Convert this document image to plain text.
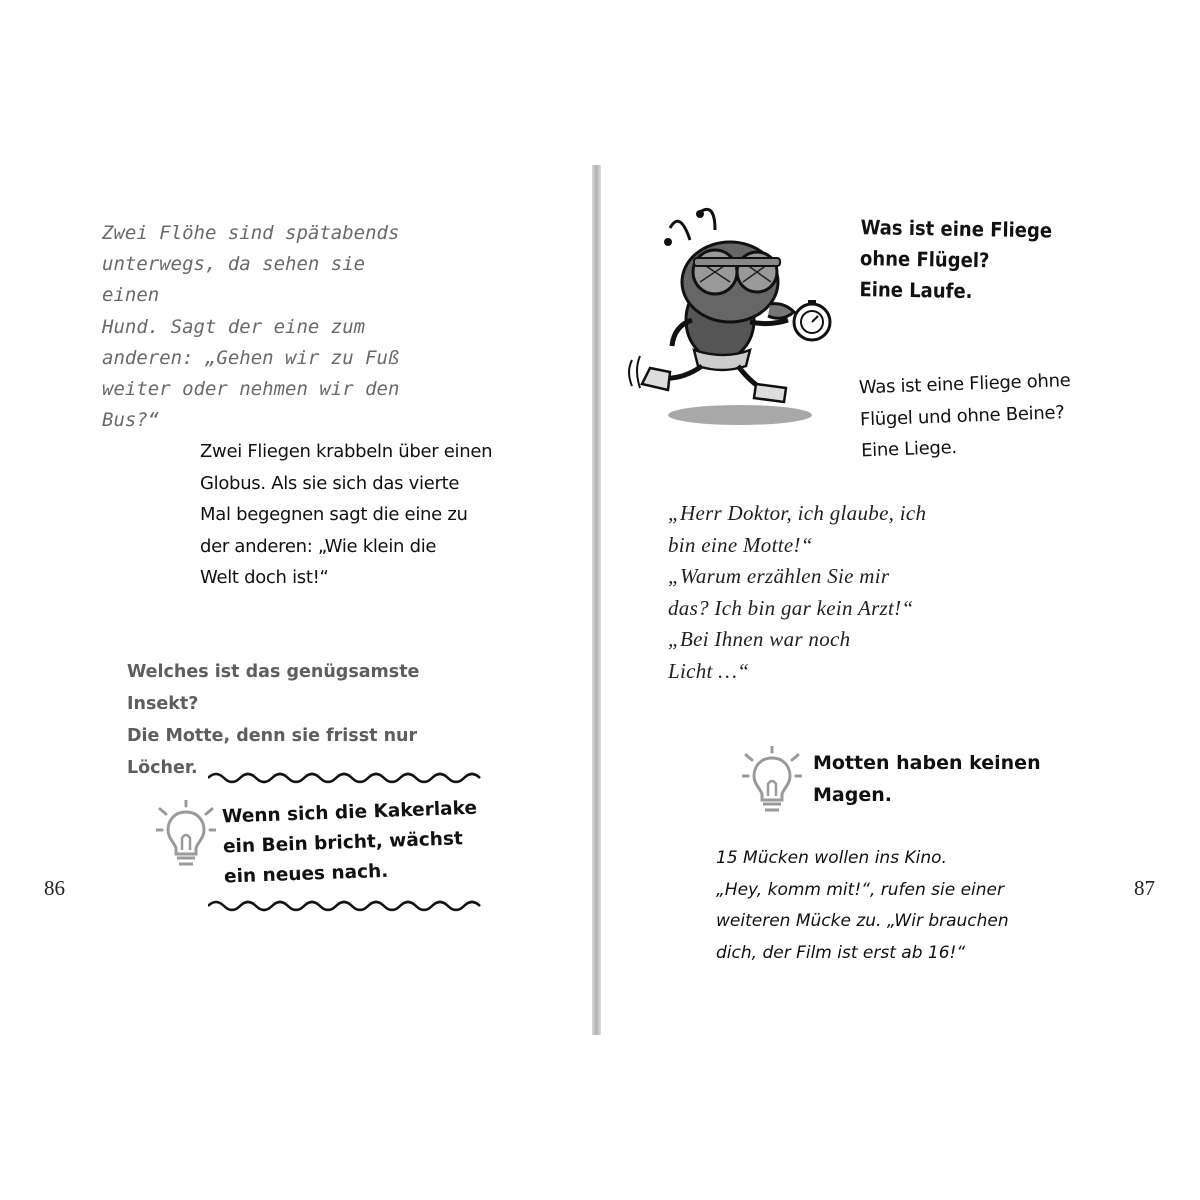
Zwei Flöhe sind spätabends
unterwegs, da sehen sie einen
Hund. Sagt der eine zum
anderen: „Gehen wir zu Fuß
weiter oder nehmen wir den
Bus?“
Zwei Fliegen krabbeln über einen
Globus. Als sie sich das vierte
Mal begegnen sagt die eine zu
der anderen: „Wie klein die
Welt doch ist!“
Welches ist das genügsamste Insekt?
Die Motte, denn sie frisst nur Löcher.
Wenn sich die Kakerlake
ein Bein bricht, wächst
ein neues nach.
86
Was ist eine Fliege
ohne Flügel?
Eine Laufe.
Was ist eine Fliege ohne
Flügel und ohne Beine?
Eine Liege.
„Herr Doktor, ich glaube, ich
bin eine Motte!“
„Warum erzählen Sie mir
das? Ich bin gar kein Arzt!“
„Bei Ihnen war noch
Licht …“
Motten haben keinen
Magen.
15 Mücken wollen ins Kino.
„Hey, komm mit!“, rufen sie einer
weiteren Mücke zu. „Wir brauchen
dich, der Film ist erst ab 16!“
87
